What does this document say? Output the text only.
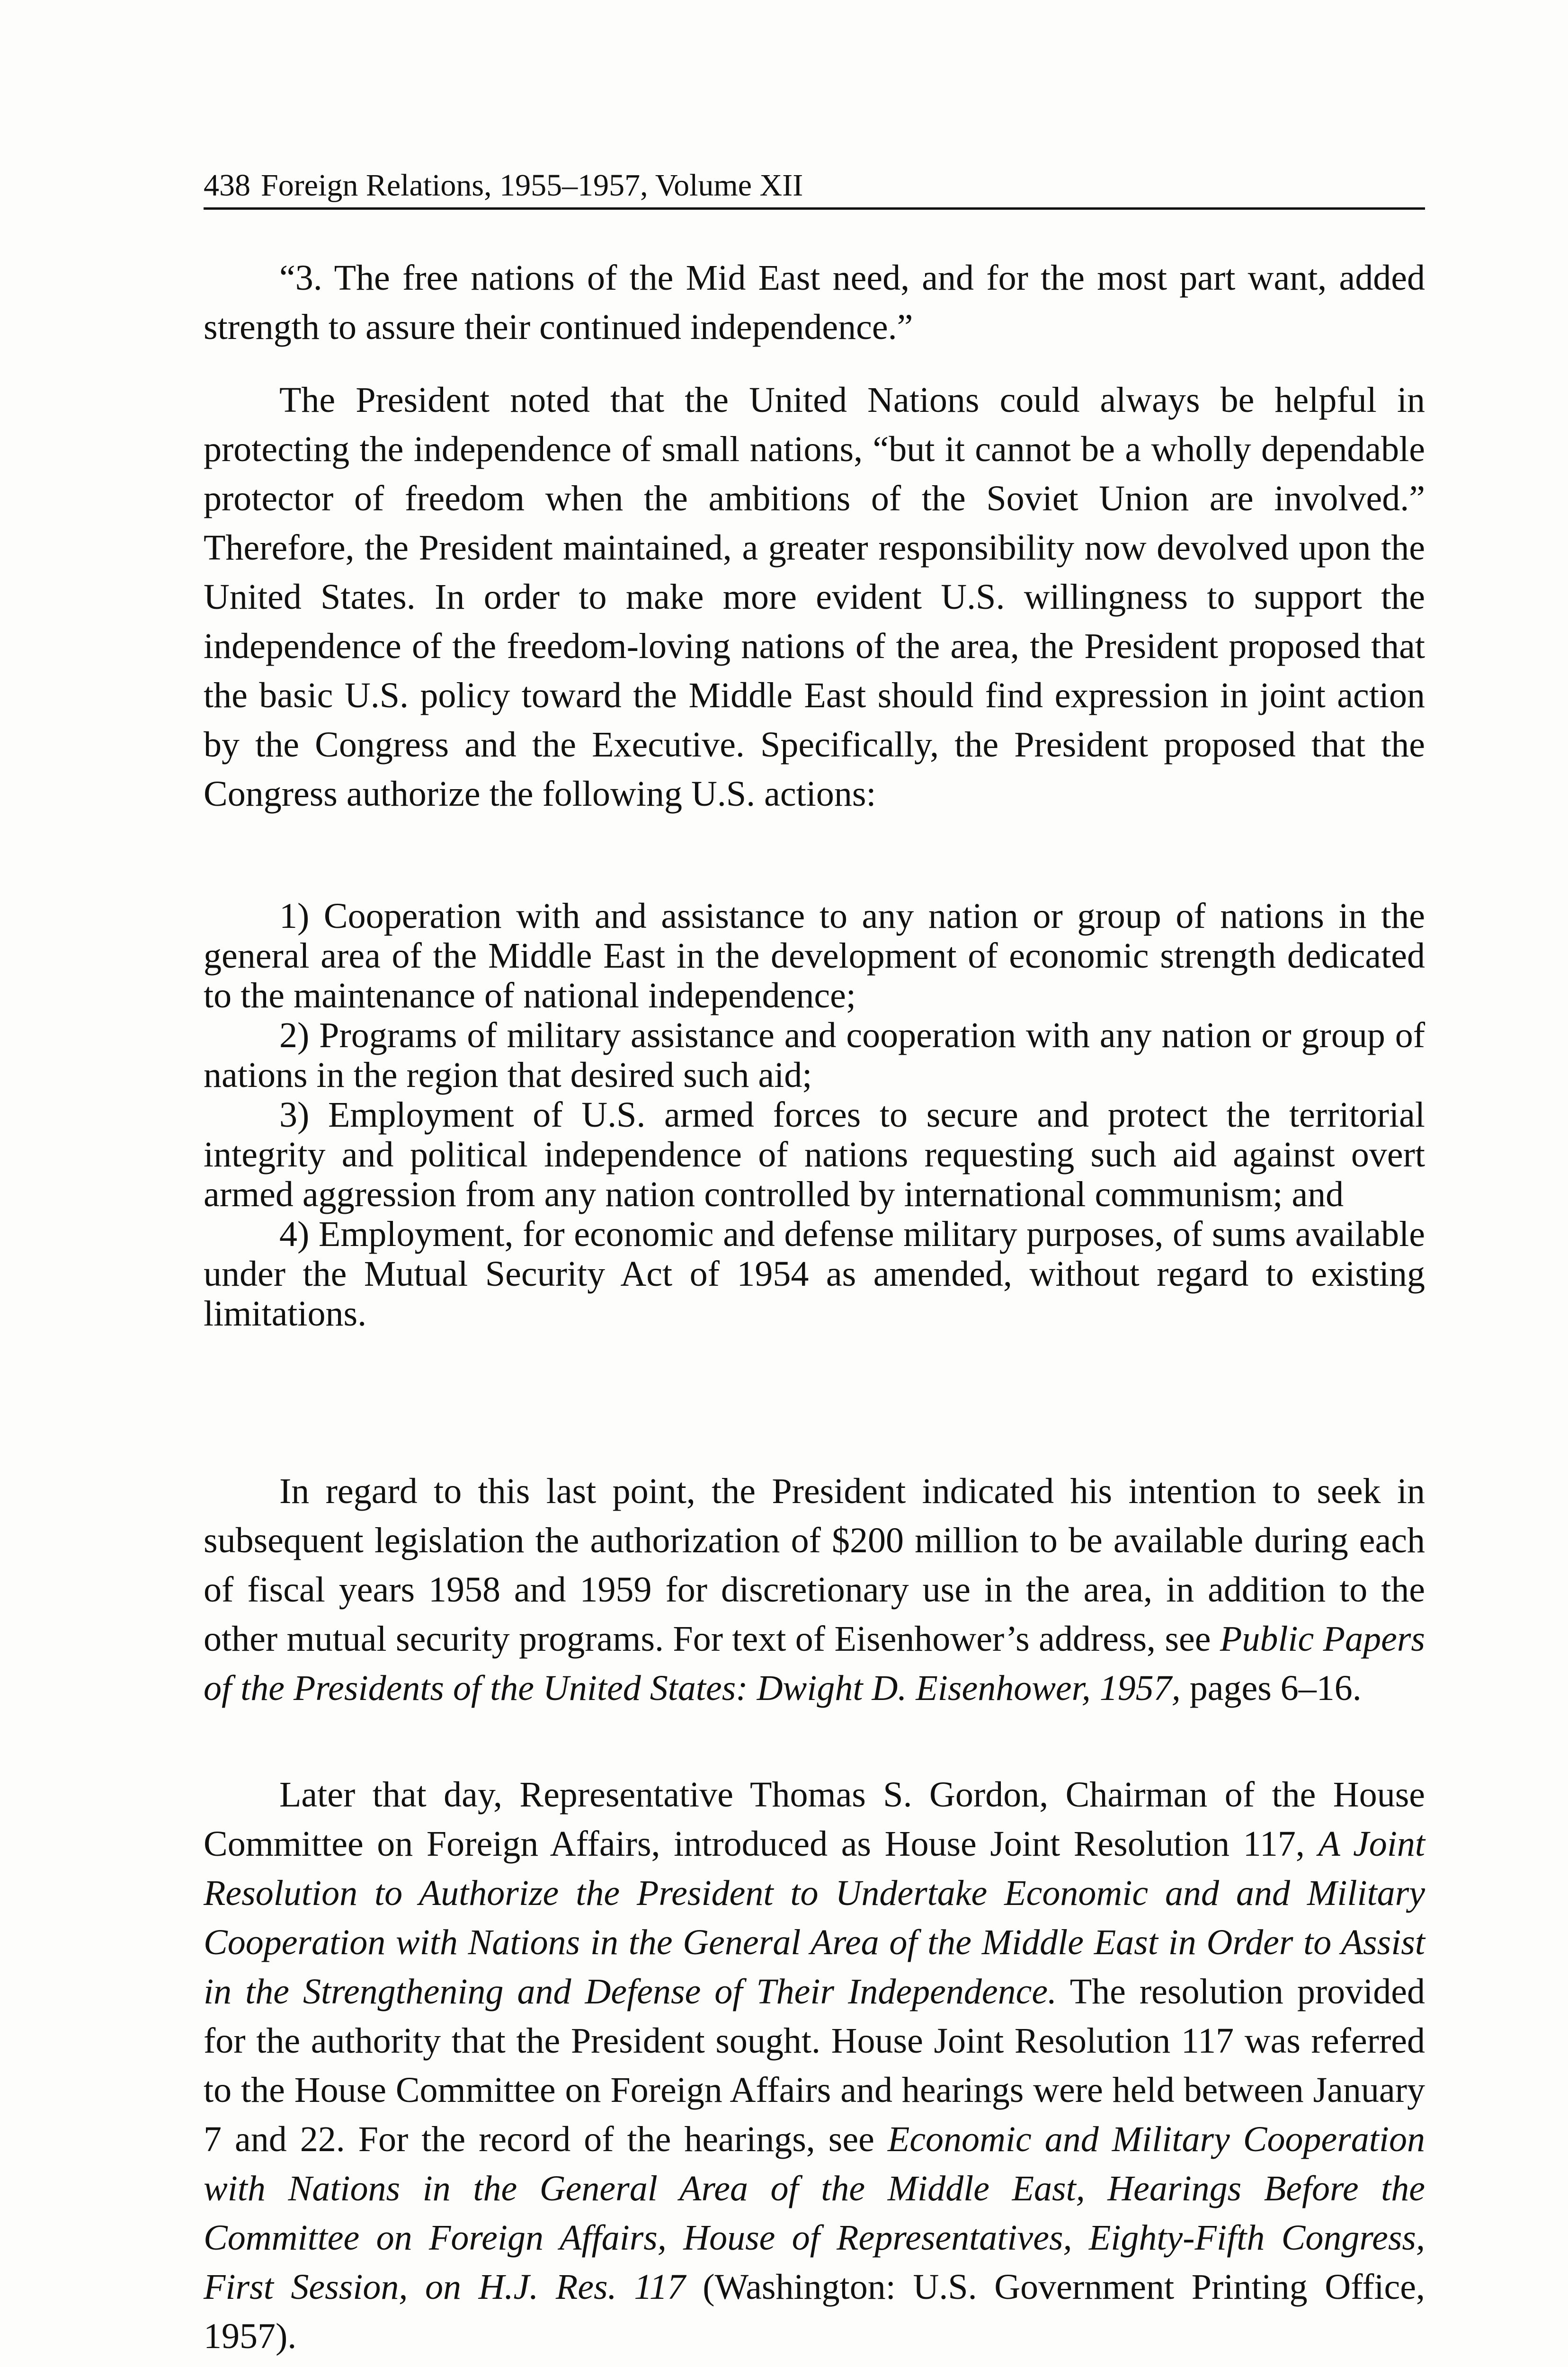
438 Foreign Relations, 1955–1957, Volume XII

“3. The free nations of the Mid East need, and for the most part want, added strength to assure their continued independence.”

The President noted that the United Nations could always be helpful in protecting the independence of small nations, “but it cannot be a wholly dependable protector of freedom when the ambitions of the Soviet Union are involved.” Therefore, the President maintained, a greater responsibility now devolved upon the United States. In order to make more evident U.S. willingness to support the independence of the freedom-loving nations of the area, the President proposed that the basic U.S. policy toward the Middle East should find expression in joint action by the Congress and the Executive. Specifically, the President proposed that the Congress authorize the following U.S. actions:

1) Cooperation with and assistance to any nation or group of nations in the general area of the Middle East in the development of economic strength dedicated to the maintenance of national independence;

2) Programs of military assistance and cooperation with any nation or group of nations in the region that desired such aid;

3) Employment of U.S. armed forces to secure and protect the territorial integrity and political independence of nations requesting such aid against overt armed aggression from any nation controlled by international communism; and

4) Employment, for economic and defense military purposes, of sums available under the Mutual Security Act of 1954 as amended, without regard to existing limitations.

In regard to this last point, the President indicated his intention to seek in subsequent legislation the authorization of $200 million to be available during each of fiscal years 1958 and 1959 for discretionary use in the area, in addition to the other mutual security programs. For text of Eisenhower’s address, see Public Papers of the Presidents of the United States: Dwight D. Eisenhower, 1957, pages 6–16.

Later that day, Representative Thomas S. Gordon, Chairman of the House Committee on Foreign Affairs, introduced as House Joint Resolution 117, A Joint Resolution to Authorize the President to Undertake Economic and and Military Cooperation with Nations in the General Area of the Middle East in Order to Assist in the Strengthening and Defense of Their Independence. The resolution provided for the authority that the President sought. House Joint Resolution 117 was referred to the House Committee on Foreign Affairs and hearings were held between January 7 and 22. For the record of the hearings, see Economic and Military Cooperation with Nations in the General Area of the Middle East, Hearings Before the Committee on Foreign Affairs, House of Representatives, Eighty-Fifth Congress, First Session, on H.J. Res. 117 (Washington: U.S. Government Printing Office, 1957).
